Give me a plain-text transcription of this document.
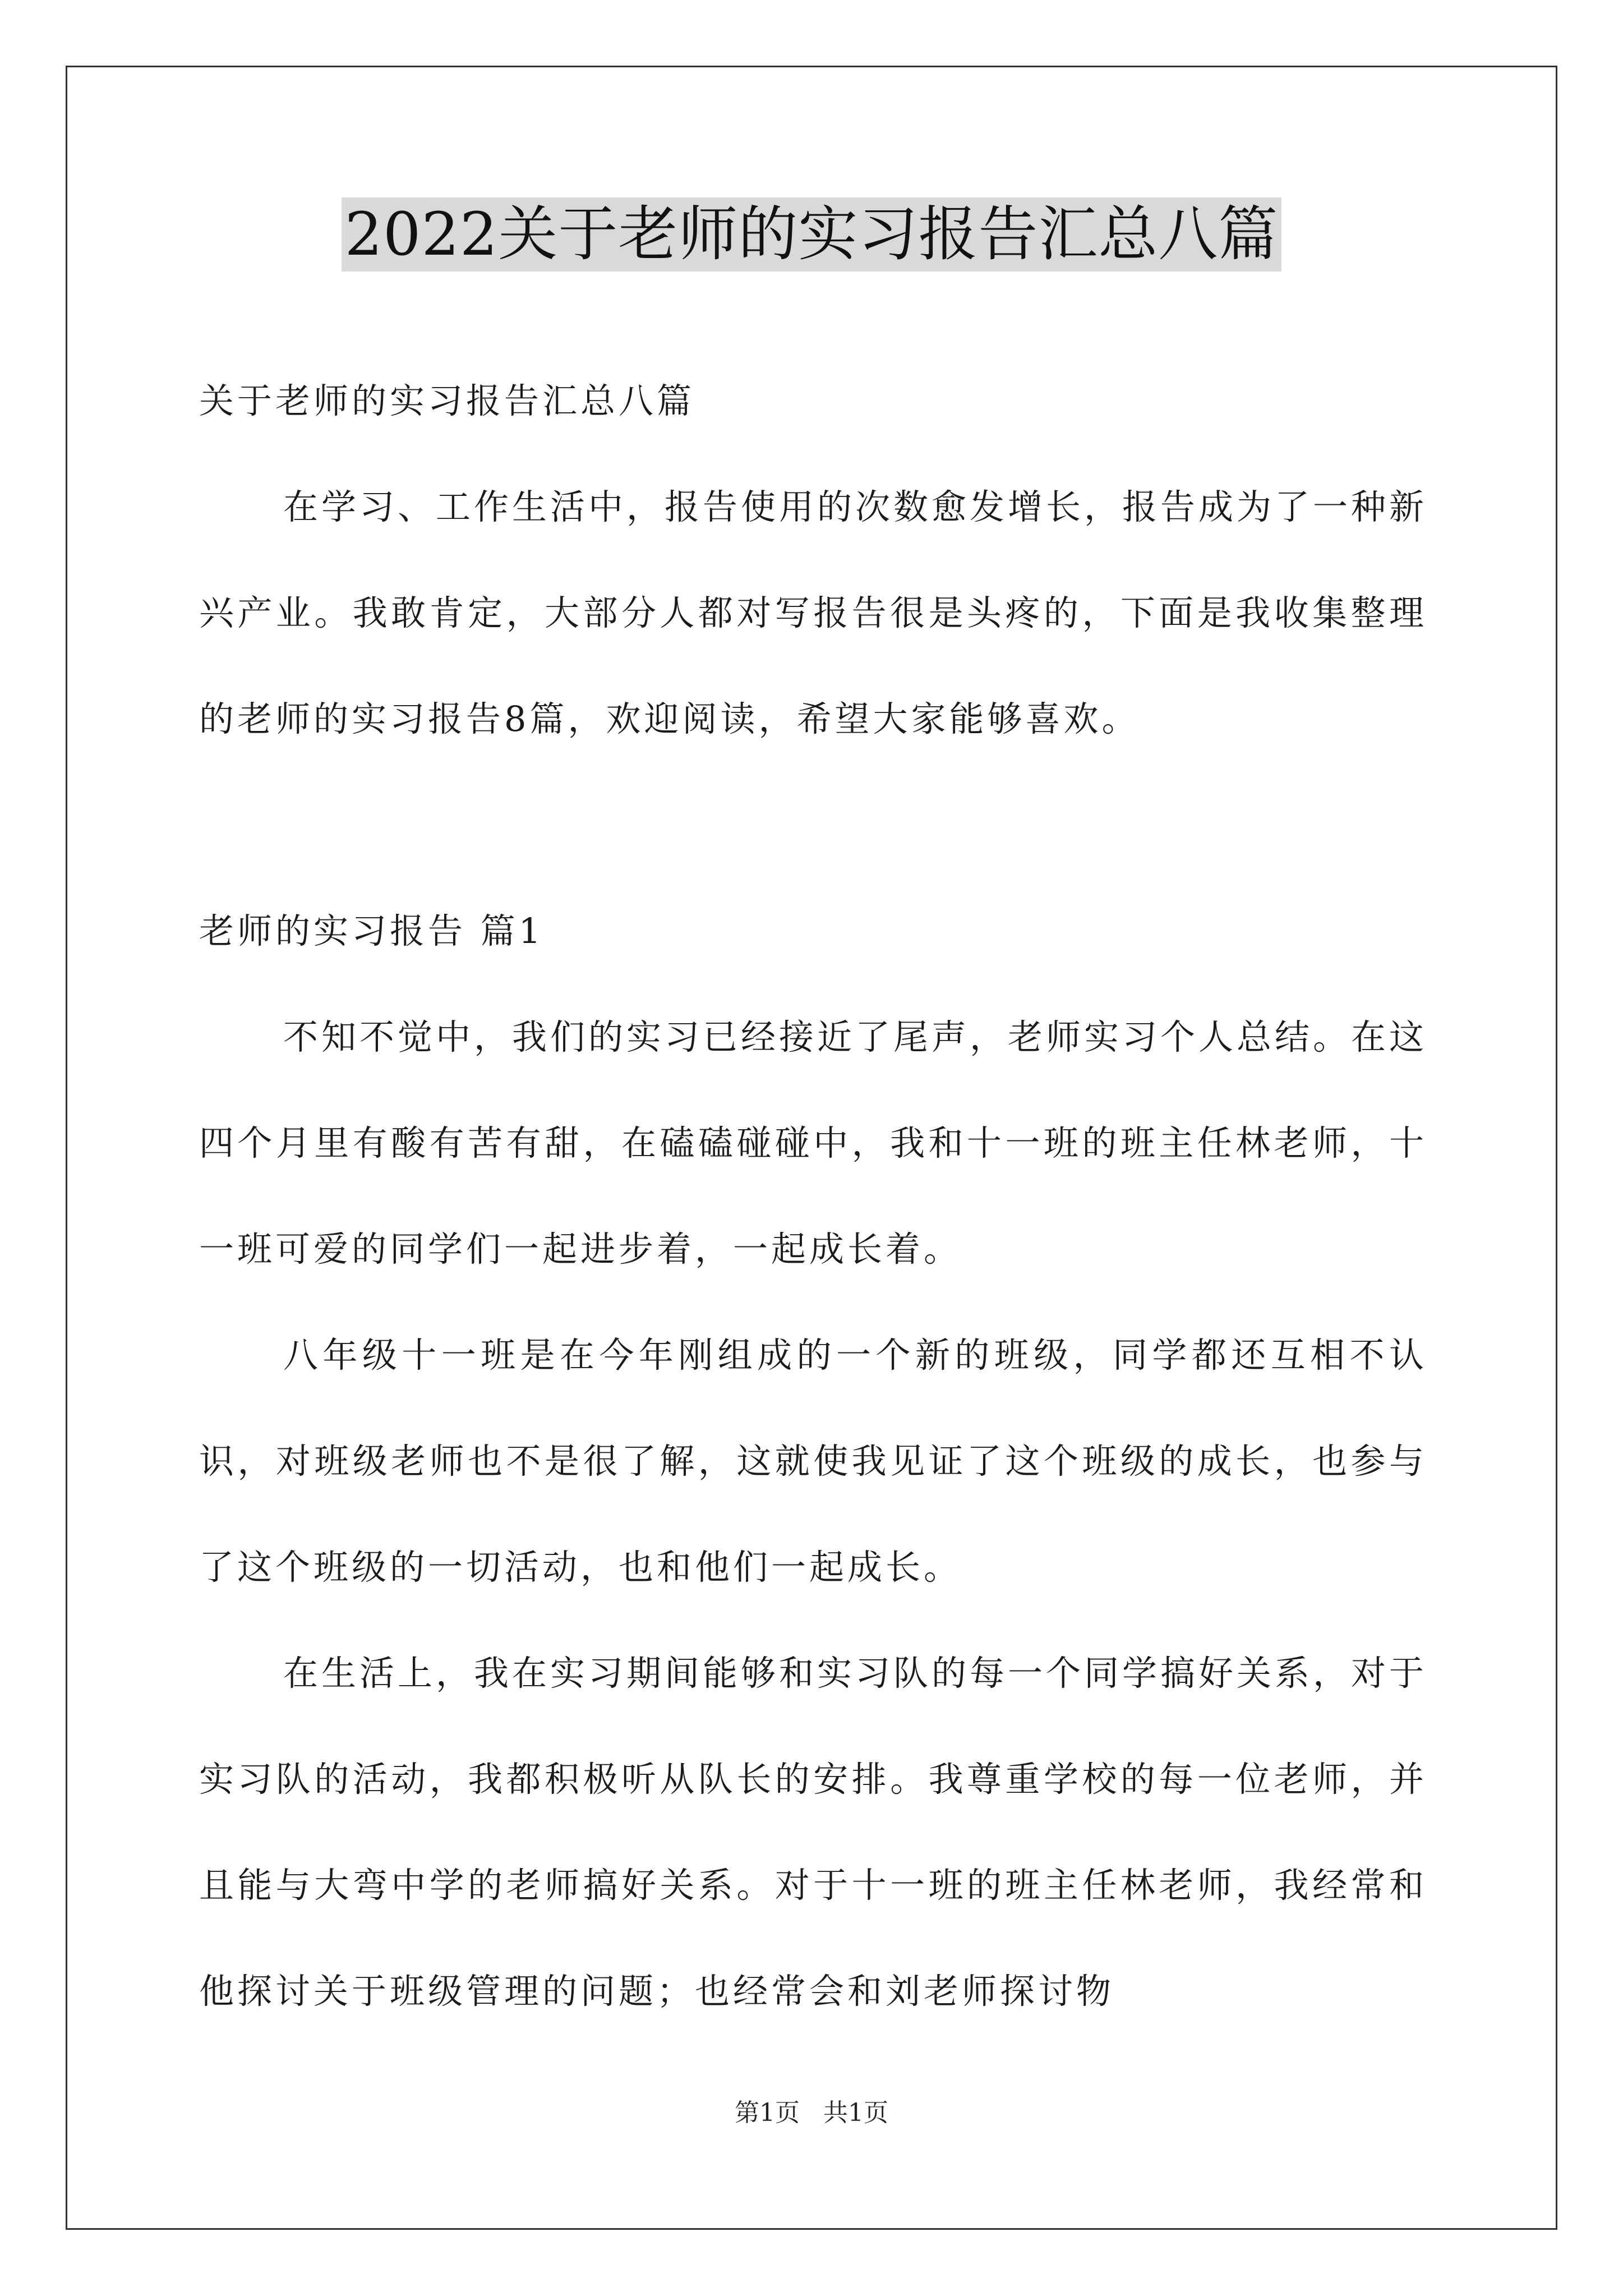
2022关于老师的实习报告汇总八篇

关于老师的实习报告汇总八篇

在学习、工作生活中，报告使用的次数愈发增长，报告成为了一种新兴产业。我敢肯定，大部分人都对写报告很是头疼的，下面是我收集整理的老师的实习报告8篇，欢迎阅读，希望大家能够喜欢。

老师的实习报告 篇1

不知不觉中，我们的实习已经接近了尾声，老师实习个人总结。在这四个月里有酸有苦有甜，在磕磕碰碰中，我和十一班的班主任林老师，十一班可爱的同学们一起进步着，一起成长着。

八年级十一班是在今年刚组成的一个新的班级，同学都还互相不认识，对班级老师也不是很了解，这就使我见证了这个班级的成长，也参与了这个班级的一切活动，也和他们一起成长。

在生活上，我在实习期间能够和实习队的每一个同学搞好关系，对于实习队的活动，我都积极听从队长的安排。我尊重学校的每一位老师，并且能与大弯中学的老师搞好关系。对于十一班的班主任林老师，我经常和他探讨关于班级管理的问题；也经常会和刘老师探讨物

第1页 共1页
